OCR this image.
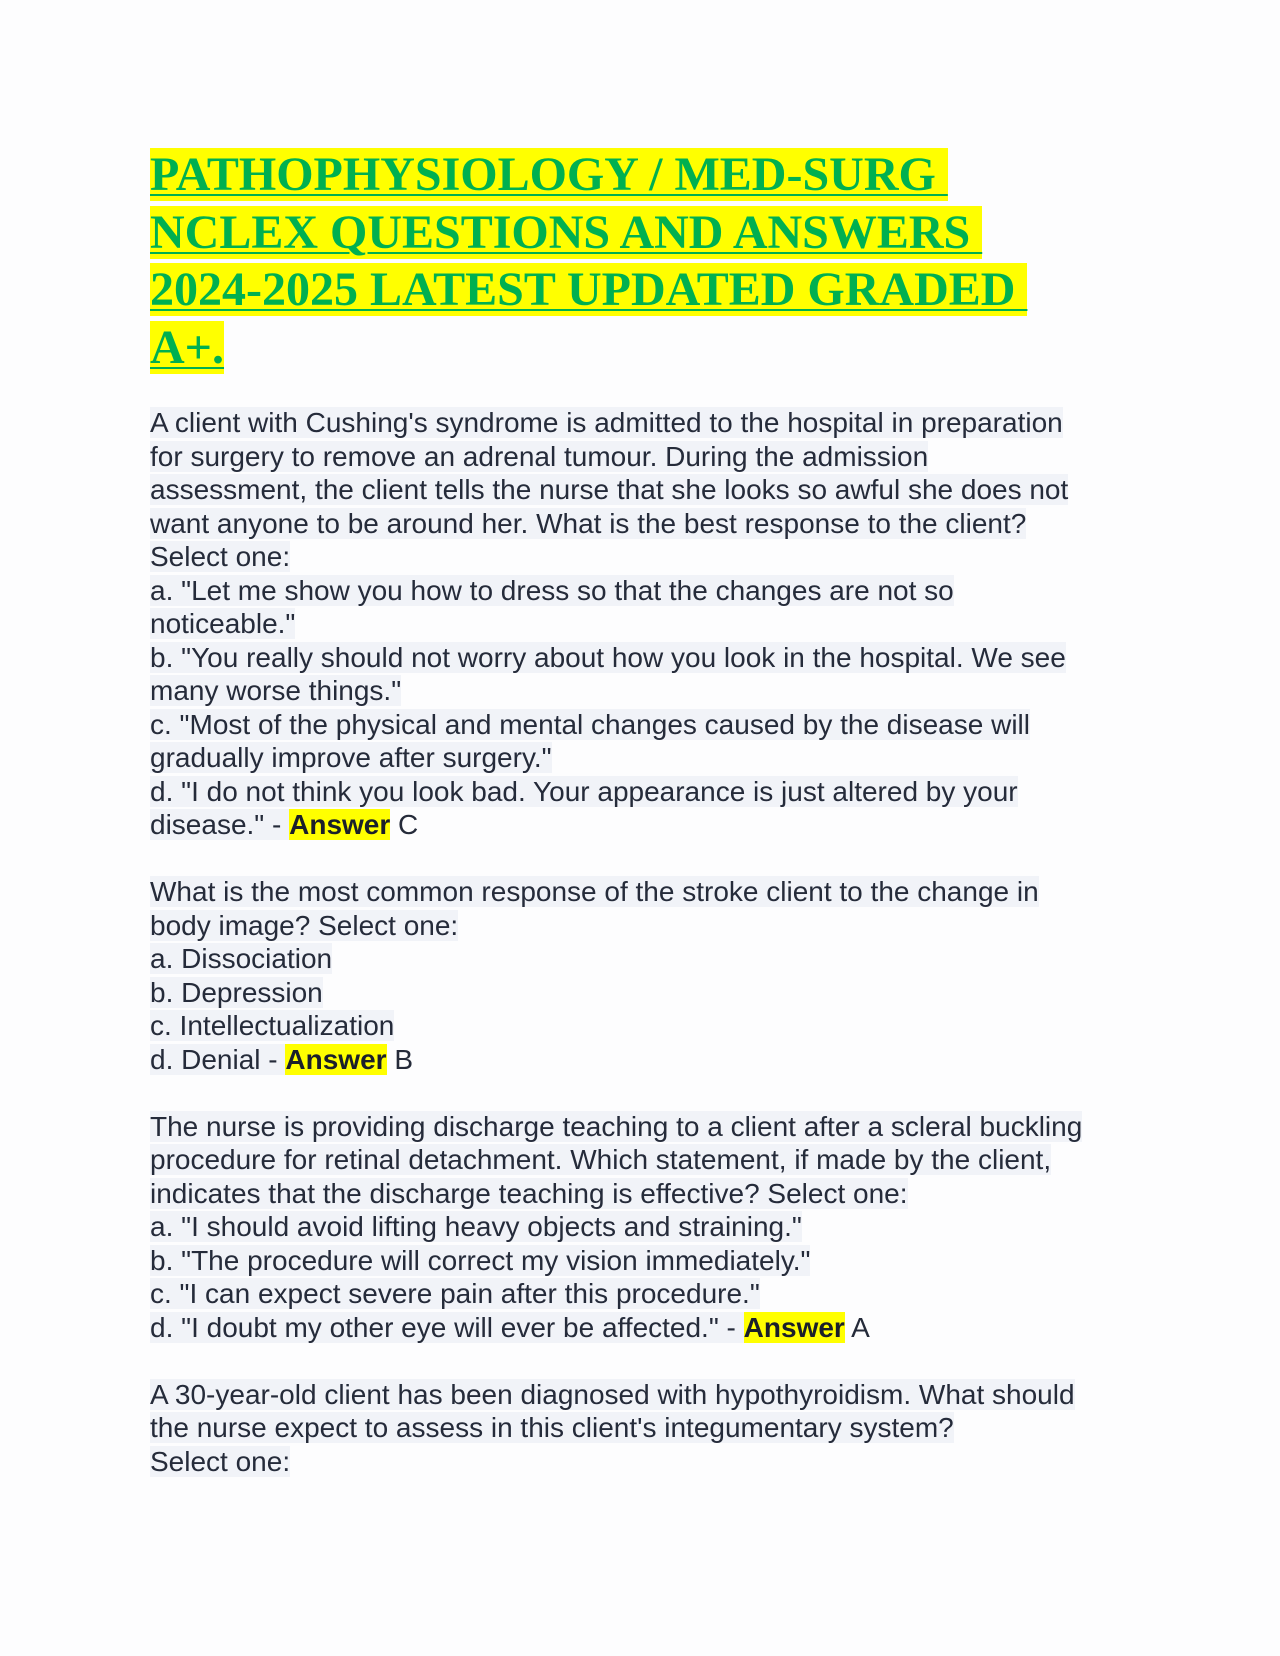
PATHOPHYSIOLOGY / MED-SURG
NCLEX QUESTIONS AND ANSWERS
2024-2025 LATEST UPDATED GRADED
A+.
A client with Cushing's syndrome is admitted to the hospital in preparation
for surgery to remove an adrenal tumour. During the admission
assessment, the client tells the nurse that she looks so awful she does not
want anyone to be around her. What is the best response to the client?
Select one:
a. "Let me show you how to dress so that the changes are not so
noticeable."
b. "You really should not worry about how you look in the hospital. We see
many worse things."
c. "Most of the physical and mental changes caused by the disease will
gradually improve after surgery."
d. "I do not think you look bad. Your appearance is just altered by your
disease." - Answer C
What is the most common response of the stroke client to the change in
body image? Select one:
a. Dissociation
b. Depression
c. Intellectualization
d. Denial - Answer B
The nurse is providing discharge teaching to a client after a scleral buckling
procedure for retinal detachment. Which statement, if made by the client,
indicates that the discharge teaching is effective? Select one:
a. "I should avoid lifting heavy objects and straining."
b. "The procedure will correct my vision immediately."
c. "I can expect severe pain after this procedure."
d. "I doubt my other eye will ever be affected." - Answer A
A 30-year-old client has been diagnosed with hypothyroidism. What should
the nurse expect to assess in this client's integumentary system?
Select one:
